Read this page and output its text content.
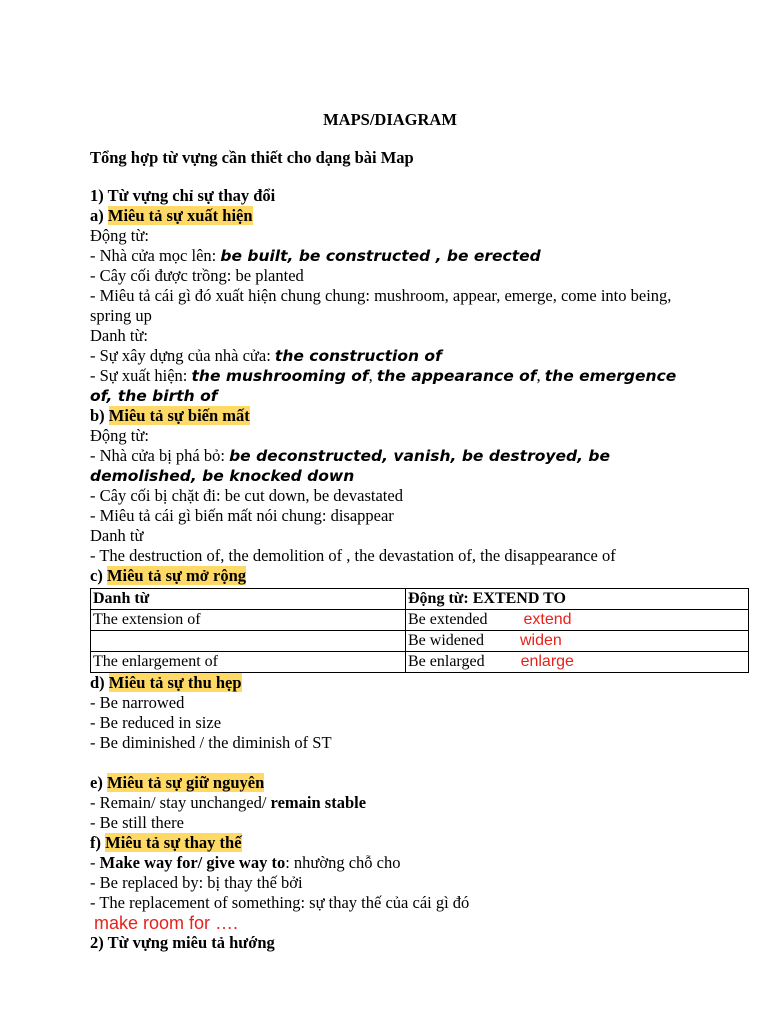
MAPS/DIAGRAM
Tổng hợp từ vựng cần thiết cho dạng bài Map
1) Từ vựng chỉ sự thay đổi
a) Miêu tả sự xuất hiện
Động từ:
- Nhà cửa mọc lên: be built, be constructed , be erected
- Cây cối được trồng: be planted
- Miêu tả cái gì đó xuất hiện chung chung: mushroom, appear, emerge, come into being, spring up
Danh từ:
- Sự xây dựng của nhà cửa: the construction of
- Sự xuất hiện: the mushrooming of, the appearance of, the emergence of, the birth of
b) Miêu tả sự biến mất
Động từ:
- Nhà cửa bị phá bỏ: be deconstructed, vanish, be destroyed, be demolished, be knocked down
- Cây cối bị chặt đi: be cut down, be devastated
- Miêu tả cái gì biến mất nói chung: disappear
Danh từ
- The destruction of, the demolition of , the devastation of, the disappearance of
c) Miêu tả sự mở rộng
Danh từ	Động từ: EXTEND TO
The extension of	Be extended extend
	Be widened widen
The enlargement of	Be enlarged enlarge
d) Miêu tả sự thu hẹp
- Be narrowed
- Be reduced in size
- Be diminished / the diminish of ST
e) Miêu tả sự giữ nguyên
- Remain/ stay unchanged/ remain stable
- Be still there
f) Miêu tả sự thay thế
- Make way for/ give way to: nhường chỗ cho
- Be replaced by: bị thay thế bởi
- The replacement of something: sự thay thế của cái gì đó
make room for ….
2) Từ vựng miêu tả hướng
